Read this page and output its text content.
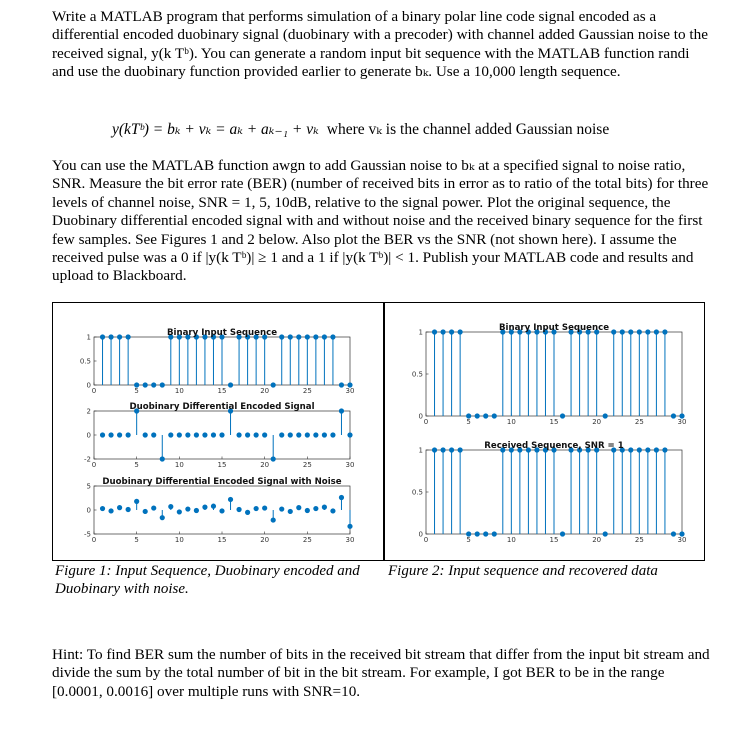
Write a MATLAB program that performs simulation of a binary polar line code signal encoded as a differential encoded duobinary signal (duobinary with a precoder) with channel added Gaussian noise to the received signal, y(k Tᵇ). You can generate a random input bit sequence with the MATLAB function randi and use the duobinary function provided earlier to generate bₖ. Use a 10,000 length sequence.
y(kTᵇ) = bₖ + vₖ = aₖ + aₖ₋₁ + vₖ where vₖ is the channel added Gaussian noise
You can use the MATLAB function awgn to add Gaussian noise to bₖ at a specified signal to noise ratio, SNR. Measure the bit error rate (BER) (number of received bits in error as to ratio of the total bits) for three levels of channel noise, SNR = 1, 5, 10dB, relative to the signal power. Plot the original sequence, the Duobinary differential encoded signal with and without noise and the received binary sequence for the first few samples. See Figures 1 and 2 below. Also plot the BER vs the SNR (not shown here). I assume the received pulse was a 0 if |y(k Tᵇ)| ≥ 1 and a 1 if |y(k Tᵇ)| < 1. Publish your MATLAB code and results and upload to Blackboard.
0	5	10	15	20	25	30
0
0.5
1	Binary Input Sequence
0	5	10	15	20	25	30
-2
0
2	Duobinary Differential Encoded Signal
0	5	10	15	20	25	30
-5
0
5 Duobinary Differential Encoded Signal with Noise
0	5	10	15	20	25	30
0
0.5
1	Binary Input Sequence
0	5	10	15	20	25	30
0
0.5
1	Received Sequence, SNR = 1
Figure 1: Input Sequence, Duobinary encoded and Duobinary with noise.
Figure 2: Input sequence and recovered data
Hint: To find BER sum the number of bits in the received bit stream that differ from the input bit stream and divide the sum by the total number of bit in the bit stream. For example, I got BER to be in the range [0.0001, 0.0016] over multiple runs with SNR=10.
